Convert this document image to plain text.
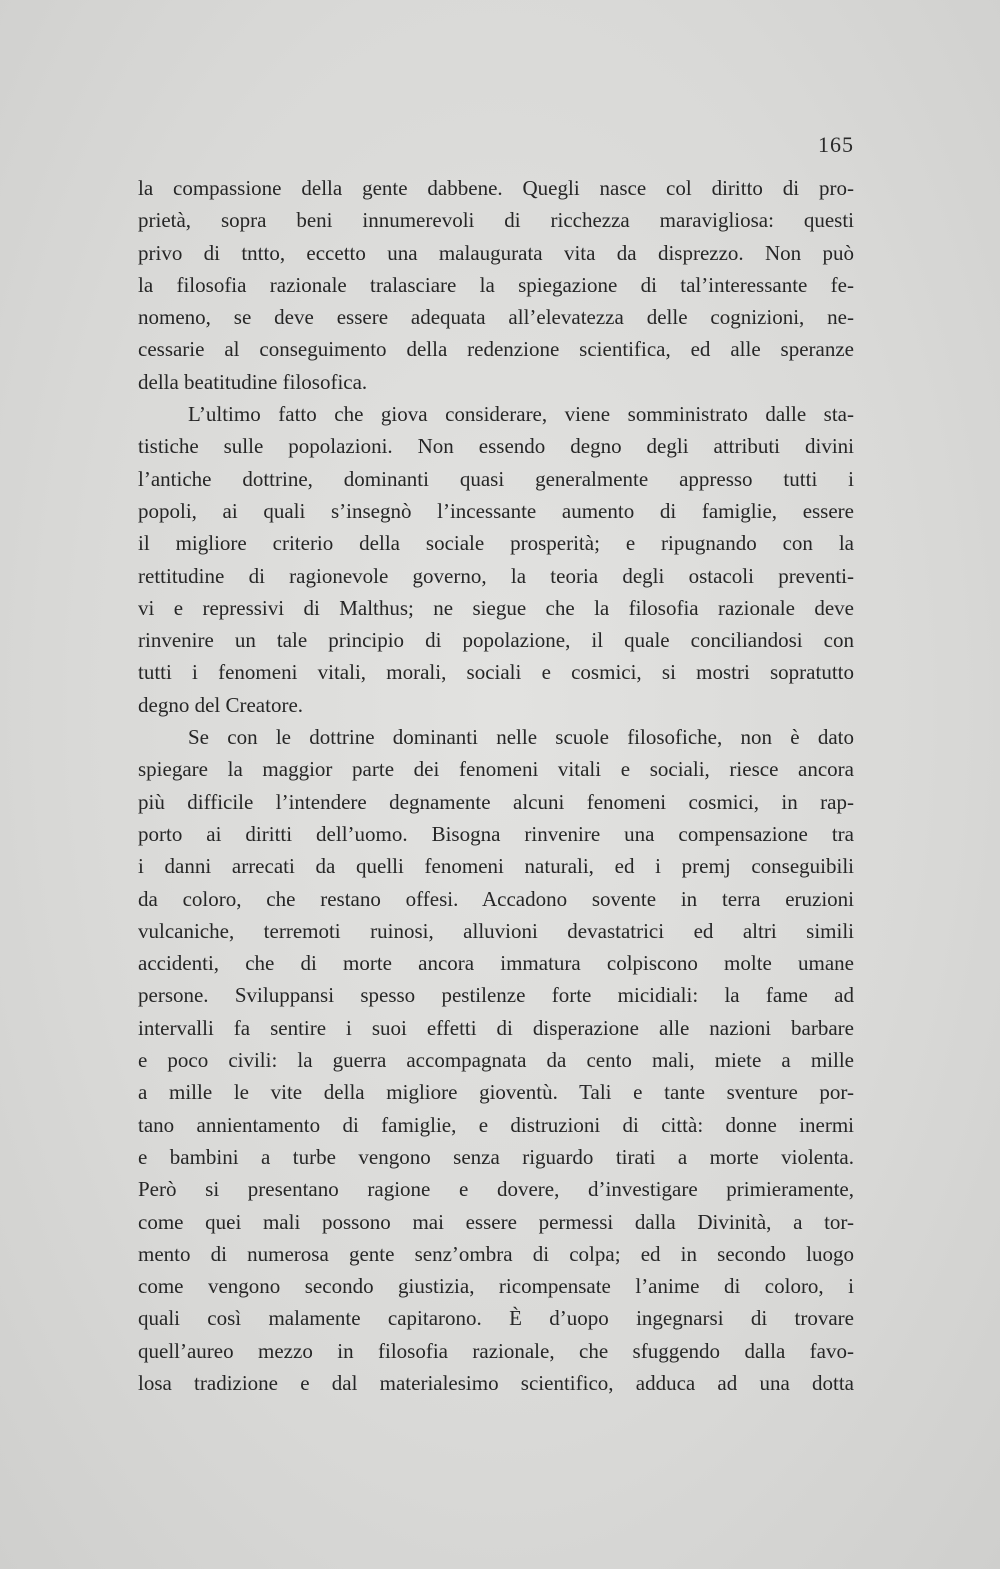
165
la compassione della gente dabbene. Quegli nasce col diritto di pro-
prietà, sopra beni innumerevoli di ricchezza maravigliosa: questi
privo di tntto, eccetto una malaugurata vita da disprezzo. Non può
la filosofia razionale tralasciare la spiegazione di tal’interessante fe-
nomeno, se deve essere adequata all’elevatezza delle cognizioni, ne-
cessarie al conseguimento della redenzione scientifica, ed alle speranze
della beatitudine filosofica.
L’ultimo fatto che giova considerare, viene somministrato dalle sta-
tistiche sulle popolazioni. Non essendo degno degli attributi divini
l’antiche dottrine, dominanti quasi generalmente appresso tutti i
popoli, ai quali s’insegnò l’incessante aumento di famiglie, essere
il migliore criterio della sociale prosperità; e ripugnando con la
rettitudine di ragionevole governo, la teoria degli ostacoli preventi-
vi e repressivi di Malthus; ne siegue che la filosofia razionale deve
rinvenire un tale principio di popolazione, il quale conciliandosi con
tutti i fenomeni vitali, morali, sociali e cosmici, si mostri sopratutto
degno del Creatore.
Se con le dottrine dominanti nelle scuole filosofiche, non è dato
spiegare la maggior parte dei fenomeni vitali e sociali, riesce ancora
più difficile l’intendere degnamente alcuni fenomeni cosmici, in rap-
porto ai diritti dell’uomo. Bisogna rinvenire una compensazione tra
i danni arrecati da quelli fenomeni naturali, ed i premj conseguibili
da coloro, che restano offesi. Accadono sovente in terra eruzioni
vulcaniche, terremoti ruinosi, alluvioni devastatrici ed altri simili
accidenti, che di morte ancora immatura colpiscono molte umane
persone. Sviluppansi spesso pestilenze forte micidiali: la fame ad
intervalli fa sentire i suoi effetti di disperazione alle nazioni barbare
e poco civili: la guerra accompagnata da cento mali, miete a mille
a mille le vite della migliore gioventù. Tali e tante sventure por-
tano annientamento di famiglie, e distruzioni di città: donne inermi
e bambini a turbe vengono senza riguardo tirati a morte violenta.
Però si presentano ragione e dovere, d’investigare primieramente,
come quei mali possono mai essere permessi dalla Divinità, a tor-
mento di numerosa gente senz’ombra di colpa; ed in secondo luogo
come vengono secondo giustizia, ricompensate l’anime di coloro, i
quali così malamente capitarono. È d’uopo ingegnarsi di trovare
quell’aureo mezzo in filosofia razionale, che sfuggendo dalla favo-
losa tradizione e dal materialesimo scientifico, adduca ad una dotta
